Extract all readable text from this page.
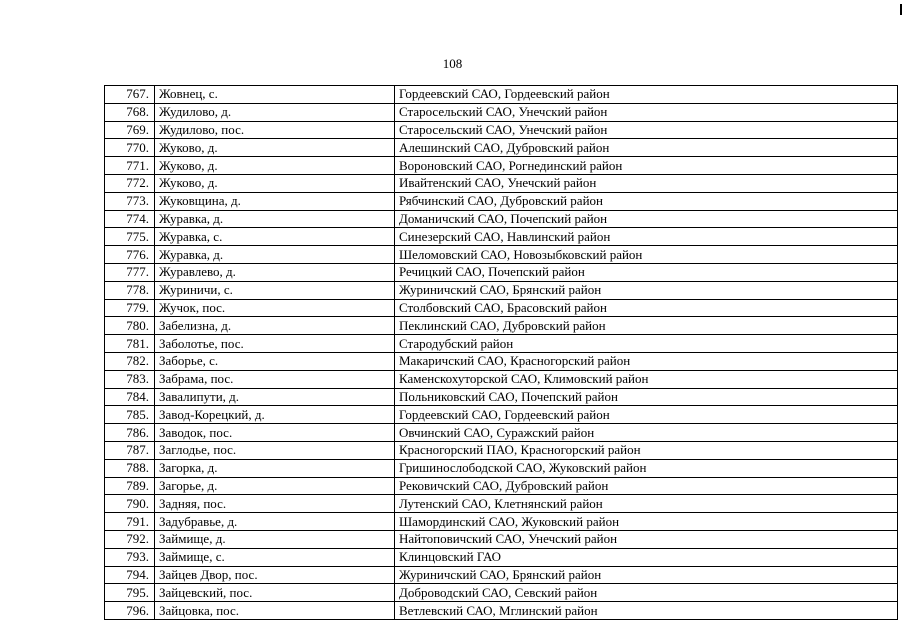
108
767.	Жовнец, с.	Гордеевский САО, Гордеевский район
768.	Жудилово, д.	Старосельский САО, Унечский район
769.	Жудилово, пос.	Старосельский САО, Унечский район
770.	Жуково, д.	Алешинский САО, Дубровский район
771.	Жуково, д.	Вороновский САО, Рогнединский район
772.	Жуково, д.	Ивайтенский САО, Унечский район
773.	Жуковщина, д.	Рябчинский САО, Дубровский район
774.	Журавка, д.	Доманичский САО, Почепский район
775.	Журавка, с.	Синезерский САО, Навлинский район
776.	Журавка, д.	Шеломовский САО, Новозыбковский район
777.	Журавлево, д.	Речицкий САО, Почепский район
778.	Журиничи, с.	Журиничский САО, Брянский район
779.	Жучок, пос.	Столбовский САО, Брасовский район
780.	Забелизна, д.	Пеклинский САО, Дубровский район
781.	Заболотье, пос.	Стародубский район
782.	Заборье, с.	Макаричский САО, Красногорский район
783.	Забрама, пос.	Каменскохуторской САО, Климовский район
784.	Завалипути, д.	Польниковский САО, Почепский район
785.	Завод-Корецкий, д.	Гордеевский САО, Гордеевский район
786.	Заводок, пос.	Овчинский САО, Суражский район
787.	Заглодье, пос.	Красногорский ПАО, Красногорский район
788.	Загорка, д.	Гришинослободской САО, Жуковский район
789.	Загорье, д.	Рековичский САО, Дубровский район
790.	Задняя, пос.	Лутенский САО, Клетнянский район
791.	Задубравье, д.	Шамординский САО, Жуковский район
792.	Займище, д.	Найтоповичский САО, Унечский район
793.	Займище, с.	Клинцовский ГАО
794.	Зайцев Двор, пос.	Журиничский САО, Брянский район
795.	Зайцевский, пос.	Доброводский САО, Севский район
796.	Зайцовка, пос.	Ветлевский САО, Мглинский район
